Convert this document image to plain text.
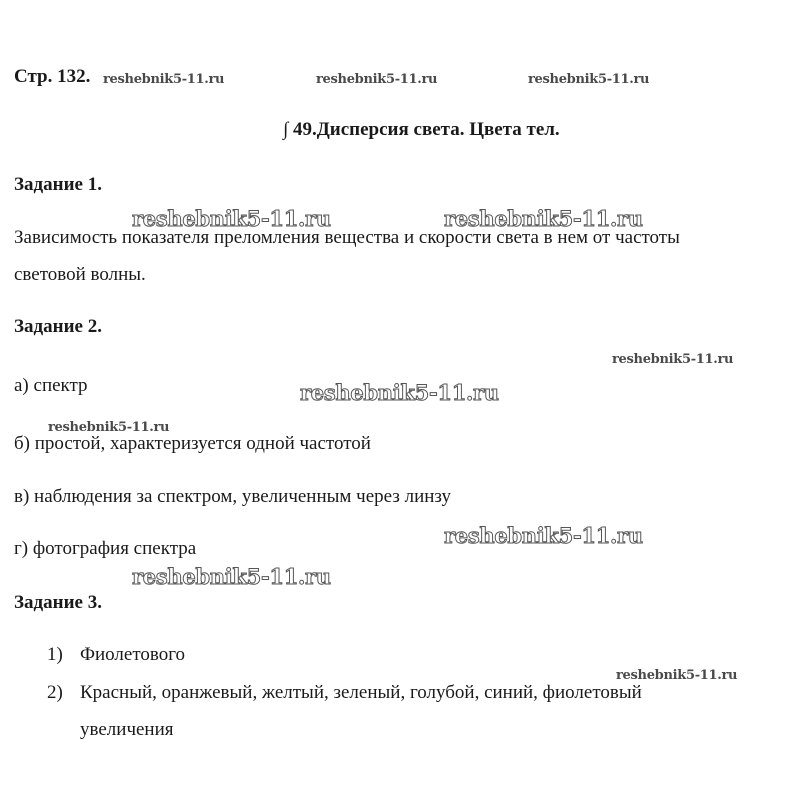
Стр. 132. reshebnik5-11.ru	reshebnik5-11.ru	reshebnik5-11.ru
∫ 49.Дисперсия света. Цвета тел.
Задание 1.
Зависимость показателя преломления вещества и скорости света в нем от частоты
световой волны.
reshebnik5-11.ru	reshebnik5-11.ru
Задание 2.
reshebnik5-11.ru
а) спектр	reshebnik5-11.ru
reshebnik5-11.ru
б) простой, характеризуется одной частотой
в) наблюдения за спектром, увеличенным через линзу
г) фотография спектра
reshebnik5-11.ru
reshebnik5-11.ru
Задание 3.
1) Фиолетового
reshebnik5-11.ru
2) Красный, оранжевый, желтый, зеленый, голубой, синий, фиолетовый
увеличения
